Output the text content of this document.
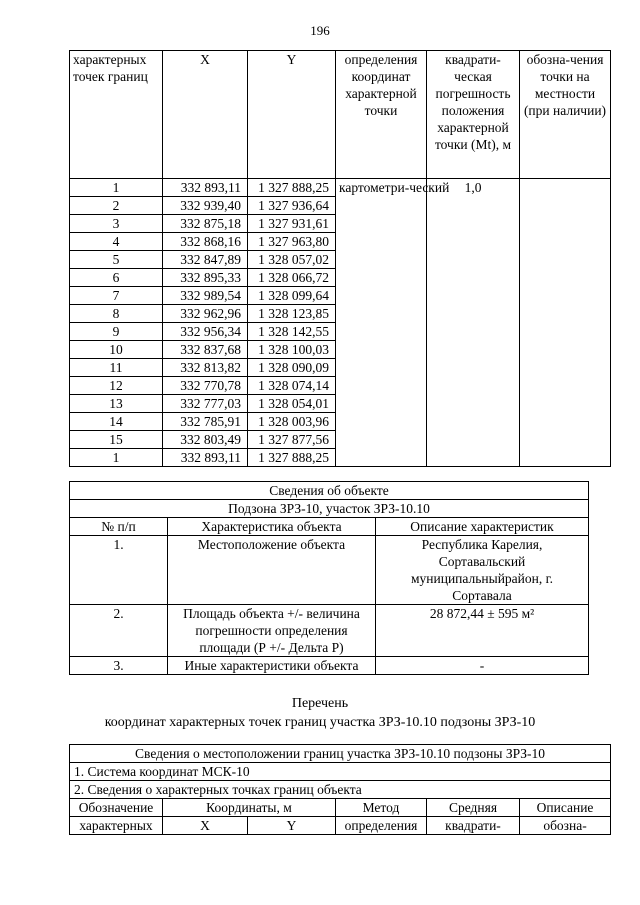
196
характерных точек границ	X	Y	определения координат характерной точки	квадрати-ческая погрешность положения характерной точки (Mt), м	обозна-чения точки на местности (при наличии)
1	332 893,11	1 327 888,25	картометри-ческий	1,0	
2	332 939,40	1 327 936,64			
3	332 875,18	1 327 931,61			
4	332 868,16	1 327 963,80			
5	332 847,89	1 328 057,02			
6	332 895,33	1 328 066,72			
7	332 989,54	1 328 099,64			
8	332 962,96	1 328 123,85			
9	332 956,34	1 328 142,55			
10	332 837,68	1 328 100,03			
11	332 813,82	1 328 090,09			
12	332 770,78	1 328 074,14			
13	332 777,03	1 328 054,01			
14	332 785,91	1 328 003,96			
15	332 803,49	1 327 877,56			
1	332 893,11	1 327 888,25			
Сведения об объекте		
Подзона ЗРЗ-10, участок ЗРЗ-10.10		
№ п/п	Характеристика объекта	Описание характеристик
1.	Местоположение объекта	Республика Карелия, Сортавальский муниципальныйрайон, г. Сортавала
2.	Площадь объекта +/- величина погрешности определения площади (Р +/- Дельта Р)	28 872,44 ± 595 м²
3.	Иные характеристики объекта	-
Перечень
координат характерных точек границ участка ЗРЗ-10.10 подзоны ЗРЗ-10
Сведения о местоположении границ участка ЗРЗ-10.10 подзоны ЗРЗ-10					
1. Система координат МСК-10					
2. Сведения о характерных точках границ объекта					
Обозначение	Координаты, м		Метод	Средняя	Описание
характерных	X	Y	определения	квадрати-	обозна-
